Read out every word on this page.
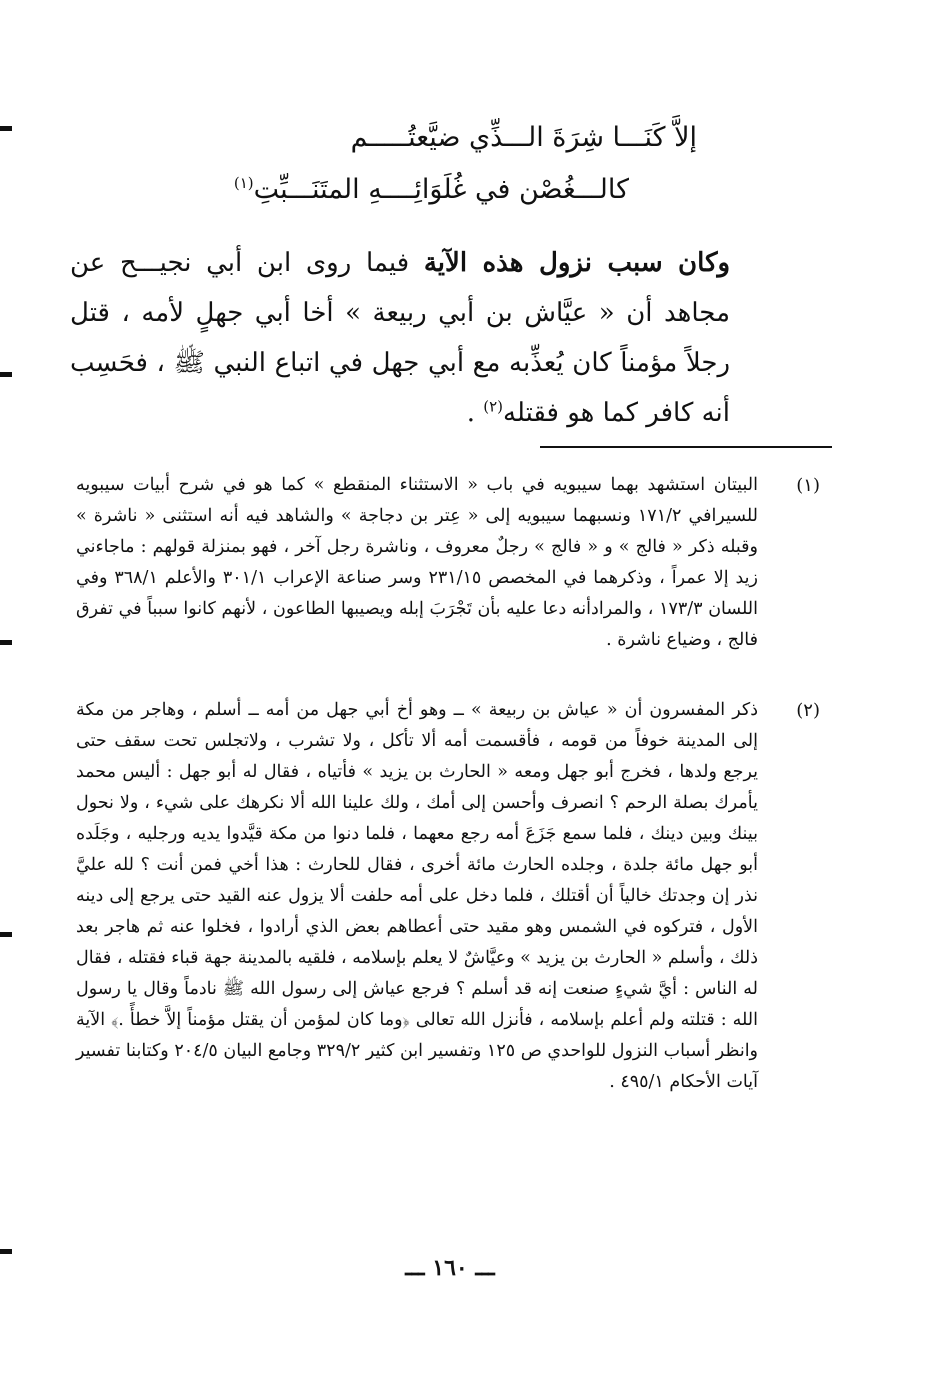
إلاَّ كَنَـــا شِرَةَ الـــذِّي ضيَّعتُـــــم
كالـــغُصْن في غُلَوَائِــــهِ المتَنَـــبِّتِ$^{(١)}$
وكان سبب نزول هذه الآية فيما روى ابن أبي نجيـــح عن مجاهد أن « عيَّاش بن أبي ربيعة » أخا أبي جهلٍ لأمه ، قتل رجلاً مؤمناً كان يُعذِّبه مع أبي جهل في اتباع النبي ﷺ ، فحَسِب أنه كافر كما هو فقتله$^{(٢)}$ .
(١)
البيتان استشهد بهما سيبويه في باب « الاستثناء المنقطع » كما هو في شرح أبيات سيبويه للسيرافي ١٧١/٢ ونسبهما سيبويه إلى « عِتر بن دجاجة » والشاهد فيه أنه استثنى « ناشرة » وقبله ذكر « فالج » و « فالج » رجلٌ معروف ، وناشرة رجل آخر ، فهو بمنزلة قولهم : ماجاءني زيد إلا عمراً ، وذكرهما في المخصص ٢٣١/١٥ وسر صناعة الإعراب ٣٠١/١ والأعلم ٣٦٨/١ وفي اللسان ١٧٣/٣ ، والمرادأنه دعا عليه بأن تَجْرَبَ إبله ويصيبها الطاعون ، لأنهم كانوا سبباً في تفرق فالج ، وضياع ناشرة .
(٢)
ذكر المفسرون أن « عياش بن ربيعة » ــ وهو أخ أبي جهل من أمه ــ أسلم ، وهاجر من مكة إلى المدينة خوفاً من قومه ، فأقسمت أمه ألا تأكل ، ولا تشرب ، ولاتجلس تحت سقف حتى يرجع ولدها ، فخرج أبو جهل ومعه « الحارث بن يزيد » فأتياه ، فقال له أبو جهل : أليس محمد يأمرك بصلة الرحم ؟ انصرف وأحسن إلى أمك ، ولك علينا الله ألا نكرهك على شيء ، ولا نحول بينك وبين دينك ، فلما سمع جَزَعَ أمه رجع معهما ، فلما دنوا من مكة قيَّدوا يديه ورجليه ، وجَلَده أبو جهل مائة جلدة ، وجلده الحارث مائة أخرى ، فقال للحارث : هذا أخي فمن أنت ؟ لله عليَّ نذر إن وجدتك خالياً أن أقتلك ، فلما دخل على أمه حلفت ألا يزول عنه القيد حتى يرجع إلى دينه الأول ، فتركوه في الشمس وهو مقيد حتى أعطاهم بعض الذي أرادوا ، فخلوا عنه ثم هاجر بعد ذلك ، وأسلم « الحارث بن يزيد » وعيَّاشٌ لا يعلم بإسلامه ، فلقيه بالمدينة جهة قباء فقتله ، فقال له الناس : أيَّ شيءٍ صنعت إنه قد أسلم ؟ فرجع عياش إلى رسول الله ﷺ نادماً وقال يا رسول الله : قتلته ولم أعلم بإسلامه ، فأنزل الله تعالى ﴿وما كان لمؤمن أن يقتل مؤمناً إلاَّ خطأً .﴾ الآية وانظر أسباب النزول للواحدي ص ١٢٥ وتفسير ابن كثير ٣٢٩/٢ وجامع البيان ٢٠٤/٥ وكتابنا تفسير آيات الأحكام ٤٩٥/١ .
ـــ ١٦٠ ـــ
